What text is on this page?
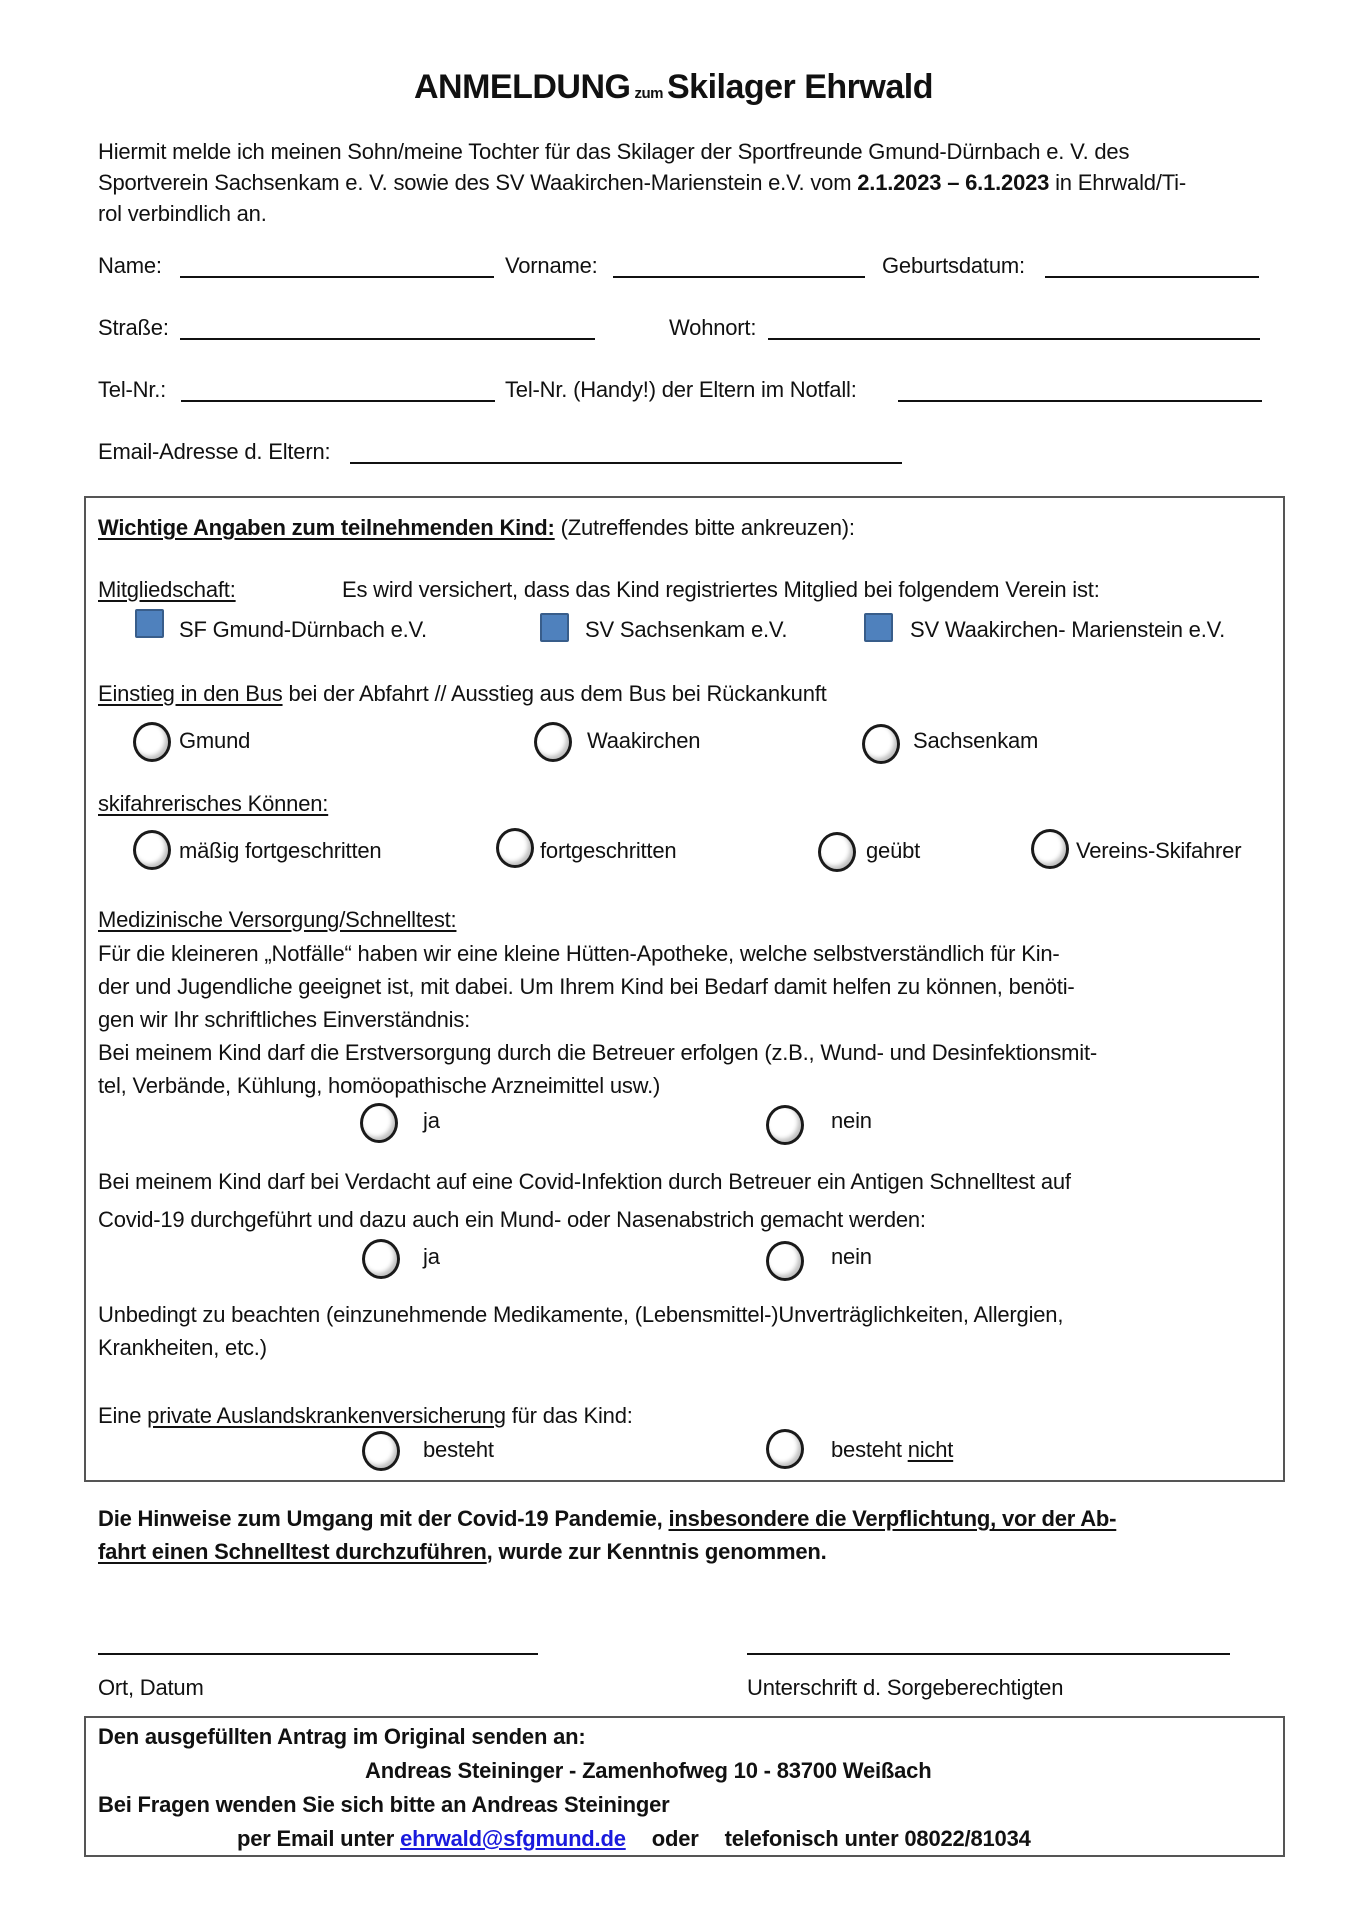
ANMELDUNG zum Skilager Ehrwald
Hiermit melde ich meinen Sohn/meine Tochter für das Skilager der Sportfreunde Gmund-Dürnbach e. V. des
Sportverein Sachsenkam e. V. sowie des SV Waakirchen-Marienstein e.V. vom 2.1.2023 – 6.1.2023 in Ehrwald/Ti-
rol verbindlich an.
Name:	Vorname:	Geburtsdatum:
Straße:	Wohnort:
Tel-Nr.:	Tel-Nr. (Handy!) der Eltern im Notfall:
Email-Adresse d. Eltern:
Wichtige Angaben zum teilnehmenden Kind: (Zutreffendes bitte ankreuzen):
Mitgliedschaft:	Es wird versichert, dass das Kind registriertes Mitglied bei folgendem Verein ist:
SF Gmund-Dürnbach e.V.	SV Sachsenkam e.V.	SV Waakirchen- Marienstein e.V.
Einstieg in den Bus bei der Abfahrt // Ausstieg aus dem Bus bei Rückankunft
Gmund	Waakirchen	Sachsenkam
skifahrerisches Können:
mäßig fortgeschritten	fortgeschritten	geübt	Vereins-Skifahrer
Medizinische Versorgung/Schnelltest:
Für die kleineren „Notfälle“ haben wir eine kleine Hütten-Apotheke, welche selbstverständlich für Kin-
der und Jugendliche geeignet ist, mit dabei. Um Ihrem Kind bei Bedarf damit helfen zu können, benöti-
gen wir Ihr schriftliches Einverständnis:
Bei meinem Kind darf die Erstversorgung durch die Betreuer erfolgen (z.B., Wund- und Desinfektionsmit-
tel, Verbände, Kühlung, homöopathische Arzneimittel usw.)
ja	nein
Bei meinem Kind darf bei Verdacht auf eine Covid-Infektion durch Betreuer ein Antigen Schnelltest auf
Covid-19 durchgeführt und dazu auch ein Mund- oder Nasenabstrich gemacht werden:
ja	nein
Unbedingt zu beachten (einzunehmende Medikamente, (Lebensmittel-)Unverträglichkeiten, Allergien,
Krankheiten, etc.)
Eine private Auslandskrankenversicherung für das Kind:
besteht	besteht nicht
Die Hinweise zum Umgang mit der Covid-19 Pandemie, insbesondere die Verpflichtung, vor der Ab-
fahrt einen Schnelltest durchzuführen, wurde zur Kenntnis genommen.
Ort, Datum	Unterschrift d. Sorgeberechtigten
Den ausgefüllten Antrag im Original senden an:
Andreas Steininger - Zamenhofweg 10 - 83700 Weißach
Bei Fragen wenden Sie sich bitte an Andreas Steininger
per Email unter ehrwald@sfgmund.de oder telefonisch unter 08022/81034
